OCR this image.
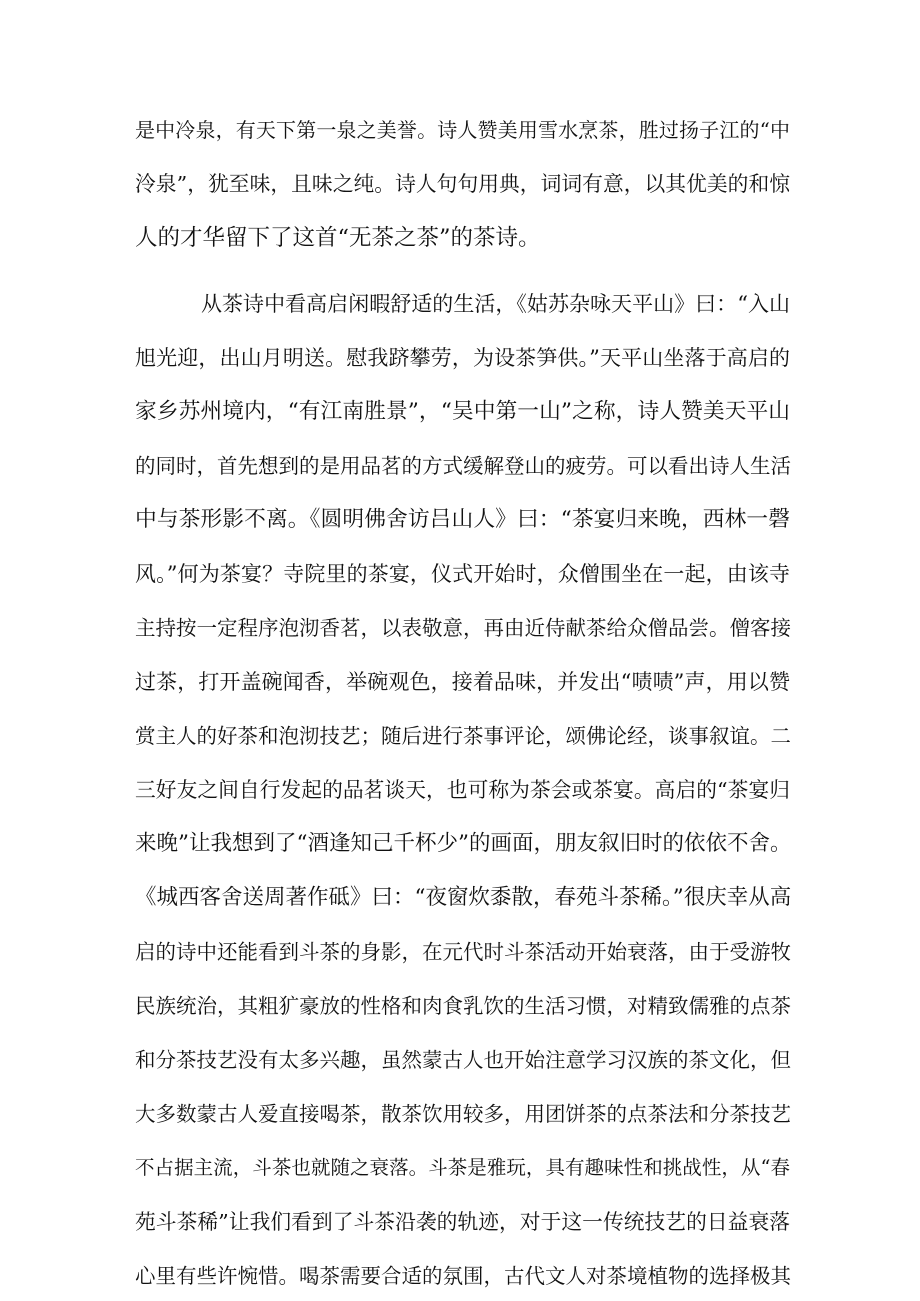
是中冷泉，有天下第一泉之美誉。诗人赞美用雪水烹茶，胜过扬子江的“中
泠泉”，犹至味，且味之纯。诗人句句用典，词词有意，以其优美的和惊
人的才华留下了这首“无茶之茶”的茶诗。
从茶诗中看高启闲暇舒适的生活，《姑苏杂咏天平山》曰：“入山
旭光迎，出山月明送。慰我跻攀劳，为设茶笋供。”天平山坐落于高启的
家乡苏州境内，“有江南胜景”，“吴中第一山”之称，诗人赞美天平山
的同时，首先想到的是用品茗的方式缓解登山的疲劳。可以看出诗人生活
中与茶形影不离。《圆明佛舍访吕山人》曰：“茶宴归来晚，西林一磬
风。”何为茶宴？寺院里的茶宴，仪式开始时，众僧围坐在一起，由该寺
主持按一定程序泡沏香茗，以表敬意，再由近侍献茶给众僧品尝。僧客接
过茶，打开盖碗闻香，举碗观色，接着品味，并发出“啧啧”声，用以赞
赏主人的好茶和泡沏技艺；随后进行茶事评论，颂佛论经，谈事叙谊。二
三好友之间自行发起的品茗谈天，也可称为茶会或茶宴。高启的“茶宴归
来晚”让我想到了“酒逢知己千杯少”的画面，朋友叙旧时的依依不舍。
《城西客舍送周著作砥》曰：“夜窗炊黍散，春苑斗茶稀。”很庆幸从高
启的诗中还能看到斗茶的身影，在元代时斗茶活动开始衰落，由于受游牧
民族统治，其粗犷豪放的性格和肉食乳饮的生活习惯，对精致儒雅的点茶
和分茶技艺没有太多兴趣，虽然蒙古人也开始注意学习汉族的茶文化，但
大多数蒙古人爱直接喝茶，散茶饮用较多，用团饼茶的点茶法和分茶技艺
不占据主流，斗茶也就随之衰落。斗茶是雅玩，具有趣味性和挑战性，从“春
苑斗茶稀”让我们看到了斗茶沿袭的轨迹，对于这一传统技艺的日益衰落
心里有些许惋惜。喝茶需要合适的氛围，古代文人对茶境植物的选择极其
